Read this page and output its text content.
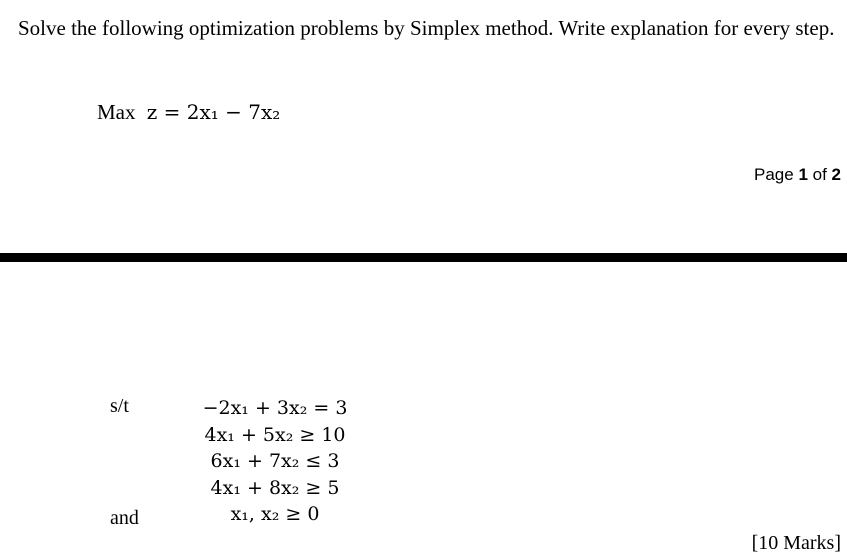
Solve the following optimization problems by Simplex method. Write explanation for every step.
Max z = 2x₁ − 7x₂
Page 1 of 2
s/t	−2x₁ + 3x₂ = 3
4x₁ + 5x₂ ≥ 10
6x₁ + 7x₂ ≤ 3
4x₁ + 8x₂ ≥ 5
x₁, x₂ ≥ 0
and
[10 Marks]
